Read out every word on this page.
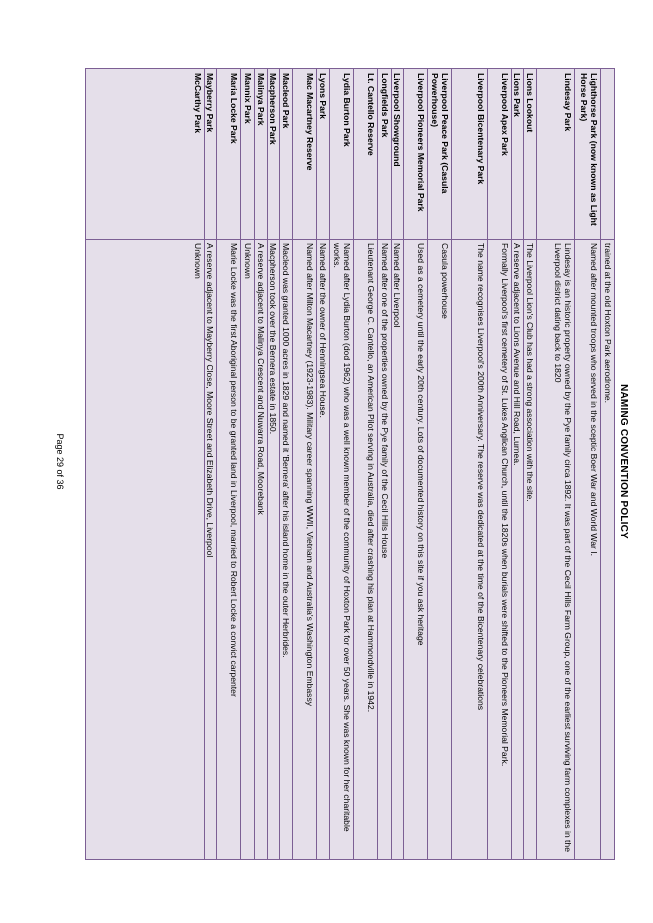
NAMING CONVENTION POLICY
trained at the old Hoxton Park aerodrome.
Lighthorse Park (now known as Light Horse Park)
Named after mounted troops who served in the sceptic Boer War and World War I.
Lindesay Park
Lindesay is an historic property owned by the Pye family circa 1892. It was part of the Cecil Hills Farm Group, one of the earliest surviving farm complexes in the Liverpool district dating back to 1820
Lions Lookout
The Liverpool Lion's Club has had a strong association with the site.
Lions Park
A reserve adjacent to Lions Avenue and Hill Road, Lurnea.
Liverpool Apex Park
Formally Liverpool's first cemetery of St. Lukes Anglican Church, until the 1820s when burials were shifted to the Pioneers Memorial Park.
Liverpool Bicentenary Park
The name recognises Liverpool's 200th Anniversary. The reserve was dedicated at the time of the Bicentenary celebrations
Liverpool Peace Park (Casula Powerhouse)
Casula powerhouse
Liverpool Pioneers Memorial Park
Used as a cemetery until the early 20th century. Lots of documented history on this site if you ask heritage
Liverpool Showground
Named after Liverpool
Longfields Park
Named after one of the properties owned by the Pye family of the Cecil Hills House
Lt. Cantello Reserve
Lieutenant George C. Cantello, an American Pilot serving in Australia, died after crashing his plan at Hammondville in 1942.
Lydia Burton Park
Named after Lydia Burton (dod 1962) who was a well known member of the community of Hoxton Park for over 50 years. She was known for her charitable works.
Lyons Park
Named after the owner of Henningsea House.
Mac Macartney Reserve
Named after Milton Macartney (1923-1983). Military career spanning WWII, Vietnam and Australia's Washington Embassy
Macleod Park
Macleod was granted 1000 acres in 1829 and named it 'Bernera' after his island home in the outer Herbrides.
Macpherson Park
Macpherson took over the Bernera estate in 1850.
Malinya Park
A reserve adjacent to Malinya Crescent and Nuwarra Road, Moorebank
Mannix Park
Unknown
Maria Locke Park
Marie Locke was the first Aboriginal person to be granted land in Liverpool, married to Robert Locke a convict carpenter
Mayberry Park
A reserve adjacent to Mayberry Close, Moore Street and Elizabeth Drive, Liverpool
McCarthy Park
Unknown
Page 29 of 36
